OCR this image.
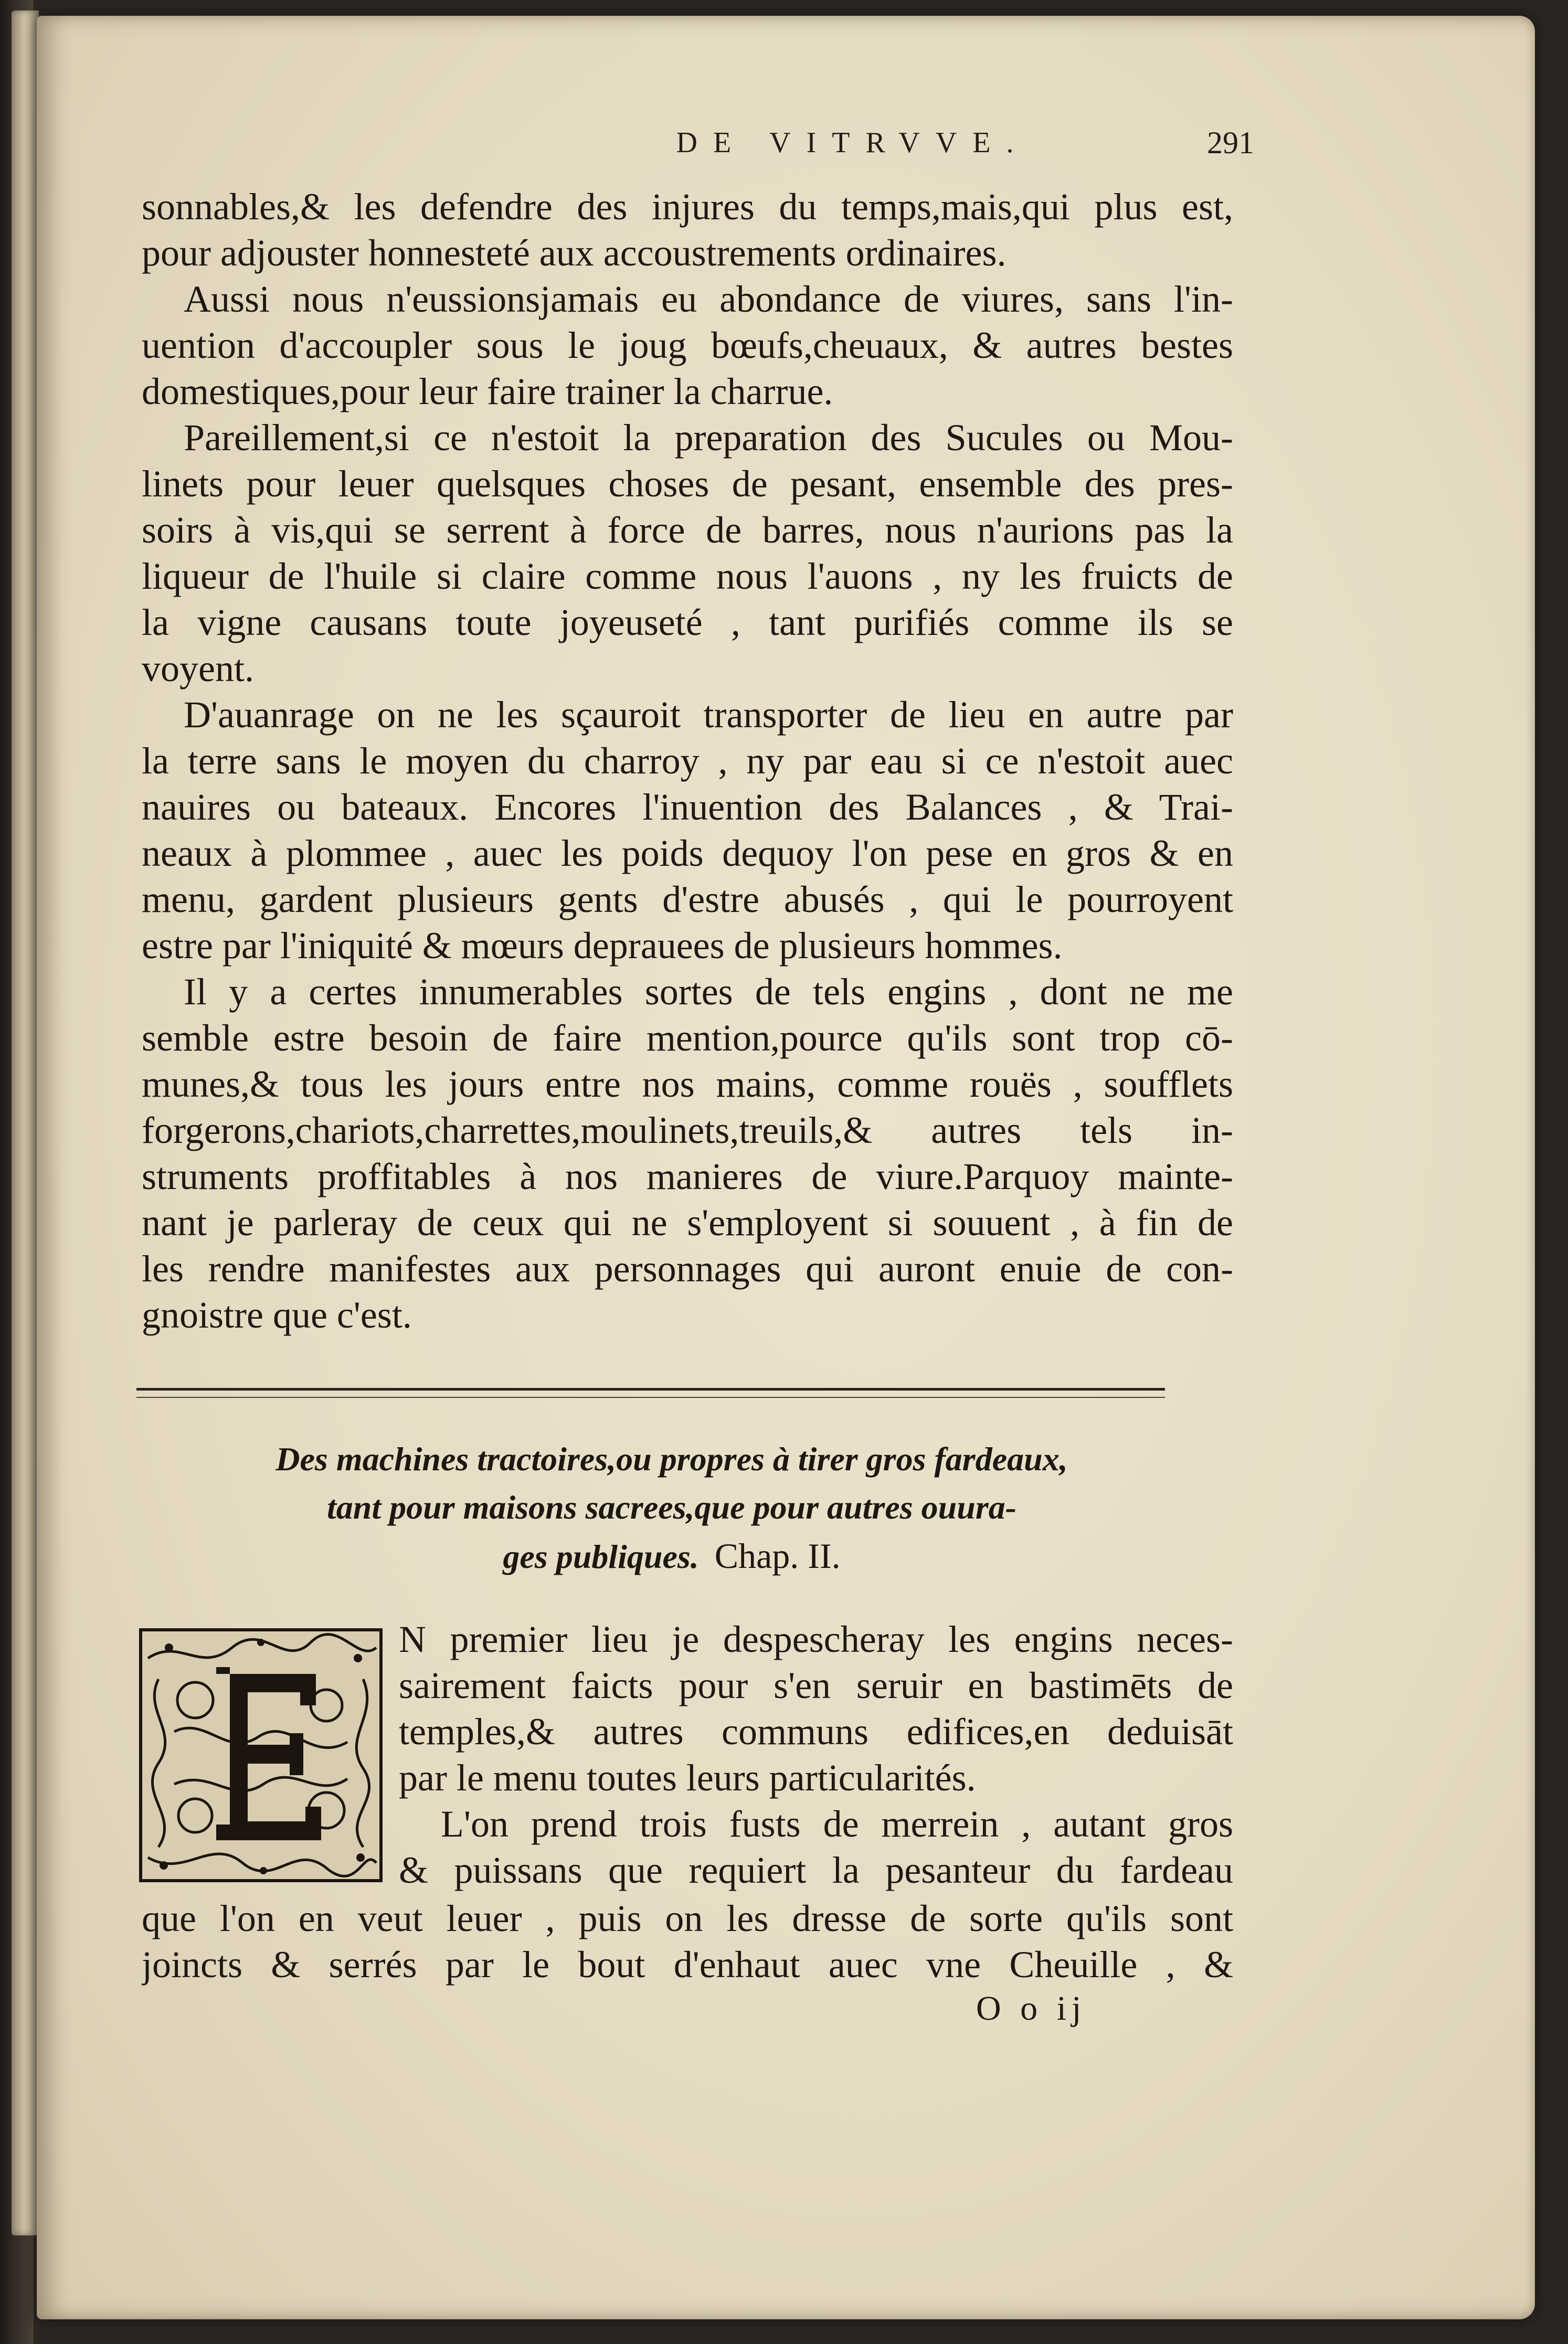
DE VITRVVE.	291

sonnables,& les defendre des injures du temps,mais,qui plus est,
pour adjouster honnesteté aux accoustrements ordinaires.

Aussi nous n'eussionsjamais eu abondance de viures, sans l'in-
uention d'accoupler sous le joug bœufs,cheuaux, & autres bestes
domestiques,pour leur faire trainer la charrue.

Pareillement,si ce n'estoit la preparation des Sucules ou Mou-
linets pour leuer quelsques choses de pesant, ensemble des pres-
soirs à vis,qui se serrent à force de barres, nous n'aurions pas la
liqueur de l'huile si claire comme nous l'auons , ny les fruicts de
la vigne causans toute joyeuseté , tant purifiés comme ils se
voyent.

D'auanrage on ne les sçauroit transporter de lieu en autre par
la terre sans le moyen du charroy , ny par eau si ce n'estoit auec
nauires ou bateaux. Encores l'inuention des Balances , & Trai-
neaux à plommee , auec les poids dequoy l'on pese en gros & en
menu, gardent plusieurs gents d'estre abusés , qui le pourroyent
estre par l'iniquité & mœurs deprauees de plusieurs hommes.

Il y a certes innumerables sortes de tels engins , dont ne me
semble estre besoin de faire mention,pource qu'ils sont trop cō-
munes,& tous les jours entre nos mains, comme rouës , soufflets
forgerons,chariots,charrettes,moulinets,treuils,& autres tels in-
struments proffitables à nos manieres de viure.Parquoy mainte-
nant je parleray de ceux qui ne s'employent si souuent , à fin de
les rendre manifestes aux personnages qui auront enuie de con-
gnoistre que c'est.

Des machines tractoires,ou propres à tirer gros fardeaux,
tant pour maisons sacrees,que pour autres ouura-
ges publiques. Chap. II.
N premier lieu je despescheray les engins neces-
sairement faicts pour s'en seruir en bastimēts de
temples,& autres communs edifices,en deduisāt
par le menu toutes leurs particularités.
L'on prend trois fusts de merrein , autant gros
& puissans que requiert la pesanteur du fardeau
que l'on en veut leuer , puis on les dresse de sorte qu'ils sont
joincts & serrés par le bout d'enhaut auec vne Cheuille , &
O o ij
